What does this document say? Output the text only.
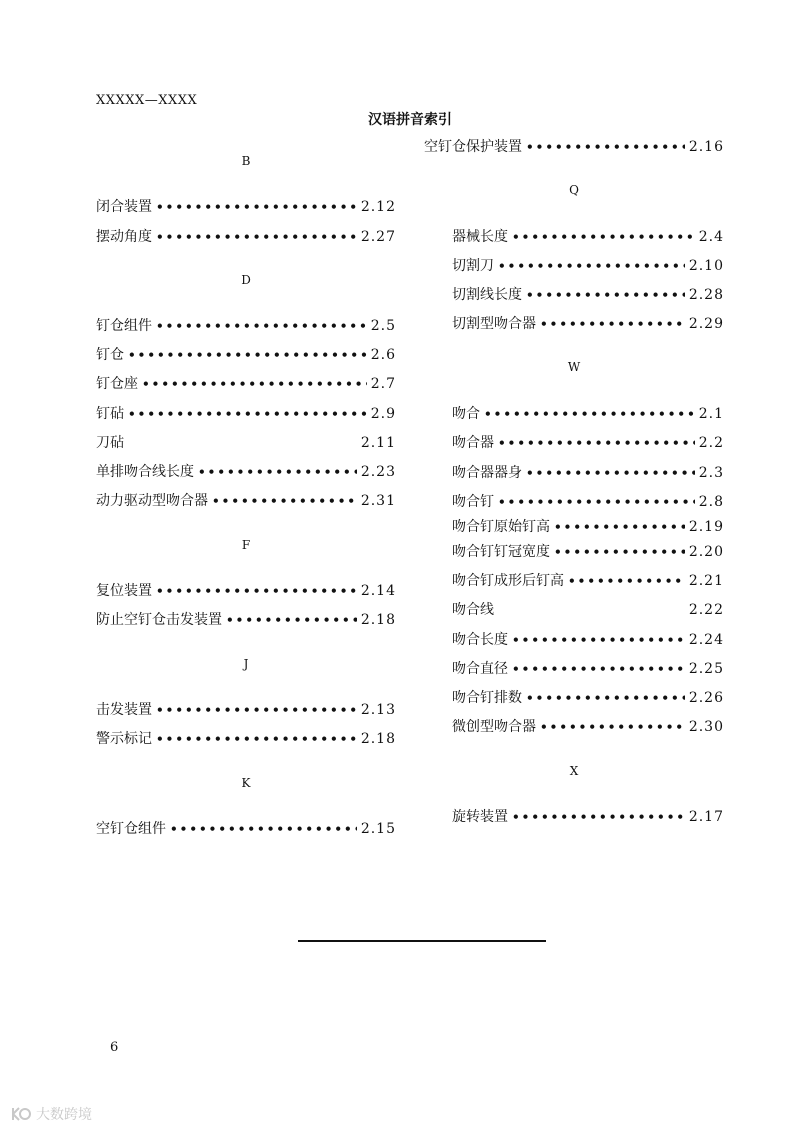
XXXXX—XXXX
汉语拼音索引
B
闭合装置 •••••	2.12
摆动角度 •••••	2.27
D
钉仓组件 •••••	2.5
钉仓 •••••	2.6
钉仓座 •••••	2.7
钉砧 •••••	2.9
刀砧	2.11
单排吻合线长度 •••••	2.23
动力驱动型吻合器 •••••	2.31
F
复位装置 •••••	2.14
防止空钉仓击发装置 •••••	2.18
J
击发装置 •••••	2.13
警示标记 •••••	2.18
K
空钉仓组件 •••••	2.15
空钉仓保护装置 •••••	2.16
Q
器械长度 •••••	2.4
切割刀 •••••	2.10
切割线长度 •••••	2.28
切割型吻合器 •••••	2.29
W
吻合 •••••	2.1
吻合器 •••••	2.2
吻合器器身 •••••	2.3
吻合钉 •••••	2.8
吻合钉原始钉高 •••••	2.19
吻合钉钉冠宽度 •••••	2.20
吻合钉成形后钉高 •••••	2.21
吻合线	2.22
吻合长度 •••••	2.24
吻合直径 •••••	2.25
吻合钉排数 •••••	2.26
微创型吻合器 •••••	2.30
X
旋转装置 •••••	2.17
6
大数跨境
